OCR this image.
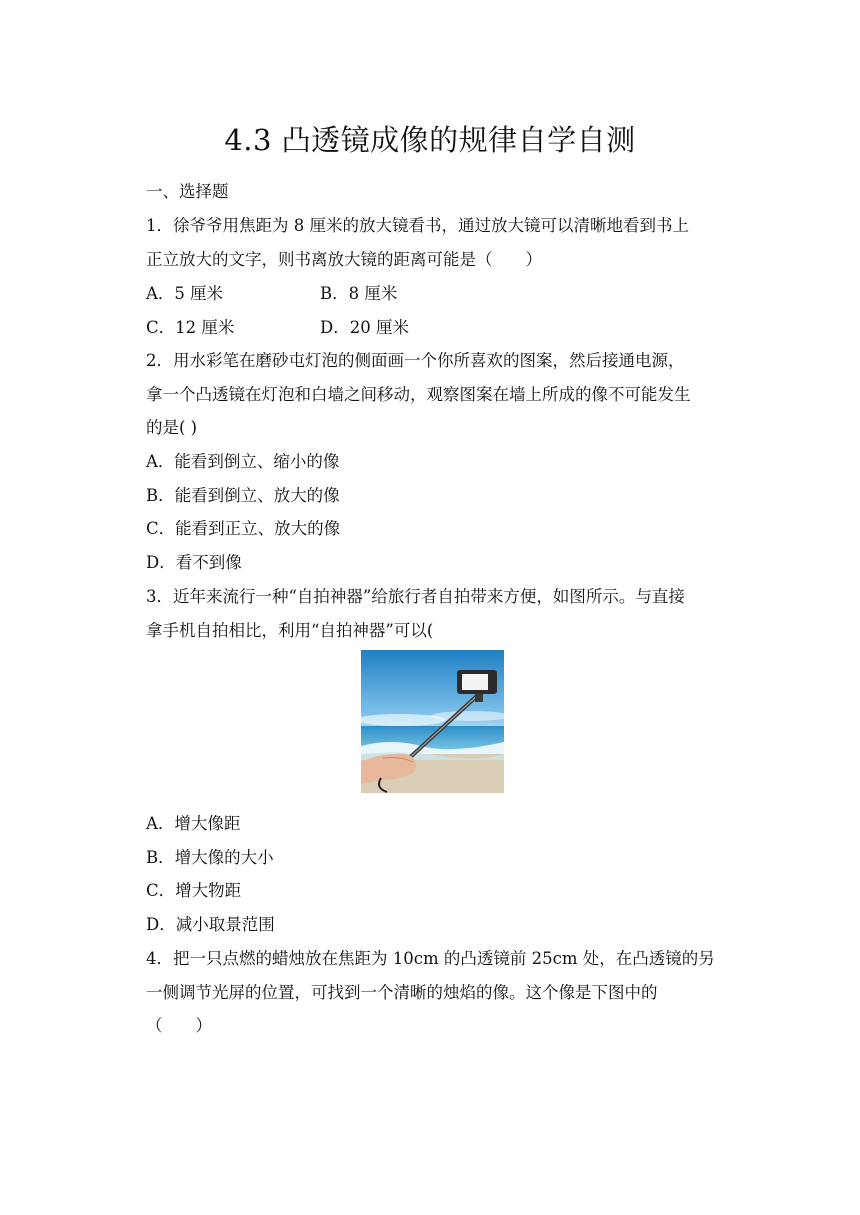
4.3 凸透镜成像的规律自学自测
一、选择题
1．徐爷爷用焦距为 8 厘米的放大镜看书，通过放大镜可以清晰地看到书上
正立放大的文字，则书离放大镜的距离可能是（　　）
A．5 厘米	B．8 厘米
C．12 厘米	D．20 厘米
2．用水彩笔在磨砂屯灯泡的侧面画一个你所喜欢的图案，然后接通电源，
拿一个凸透镜在灯泡和白墙之间移动，观察图案在墙上所成的像不可能发生
的是( )
A．能看到倒立、缩小的像
B．能看到倒立、放大的像
C．能看到正立、放大的像
D．看不到像
3．近年来流行一种“自拍神器”给旅行者自拍带来方便，如图所示。与直接
拿手机自拍相比，利用“自拍神器”可以(
A．增大像距
B．增大像的大小
C．增大物距
D．减小取景范围
4．把一只点燃的蜡烛放在焦距为 10cm 的凸透镜前 25cm 处，在凸透镜的另
一侧调节光屏的位置，可找到一个清晰的烛焰的像。这个像是下图中的
（　　）
